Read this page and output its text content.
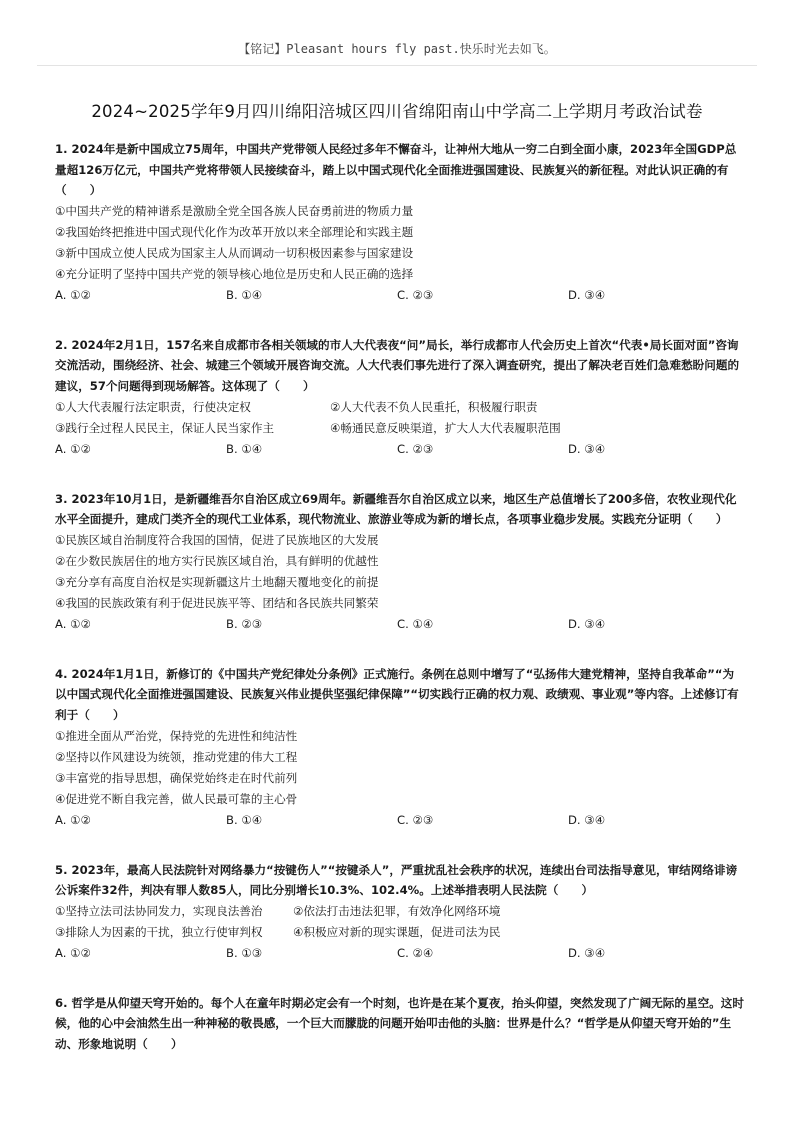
【铭记】Pleasant hours fly past.快乐时光去如飞。
2024~2025学年9月四川绵阳涪城区四川省绵阳南山中学高二上学期月考政治试卷
1. 2024年是新中国成立75周年，中国共产党带领人民经过多年不懈奋斗，让神州大地从一穷二白到全面小康，2023年全国GDP总量超126万亿元，中国共产党将带领人民接续奋斗，踏上以中国式现代化全面推进强国建设、民族复兴的新征程。对此认识正确的有（　　）
①中国共产党的精神谱系是激励全党全国各族人民奋勇前进的物质力量
②我国始终把推进中国式现代化作为改革开放以来全部理论和实践主题
③新中国成立使人民成为国家主人从而调动一切积极因素参与国家建设
④充分证明了坚持中国共产党的领导核心地位是历史和人民正确的选择
A. ①②	B. ①④	C. ②③	D. ③④
2. 2024年2月1日，157名来自成都市各相关领域的市人大代表夜“问”局长，举行成都市人代会历史上首次“代表•局长面对面”咨询交流活动，围绕经济、社会、城建三个领域开展咨询交流。人大代表们事先进行了深入调查研究，提出了解决老百姓们急难愁盼问题的建议，57个问题得到现场解答。这体现了（　　）
①人大代表履行法定职责，行使决定权	②人大代表不负人民重托，积极履行职责
③践行全过程人民民主，保证人民当家作主	④畅通民意反映渠道，扩大人大代表履职范围
A. ①②	B. ①④	C. ②③	D. ③④
3. 2023年10月1日，是新疆维吾尔自治区成立69周年。新疆维吾尔自治区成立以来，地区生产总值增长了200多倍，农牧业现代化水平全面提升，建成门类齐全的现代工业体系，现代物流业、旅游业等成为新的增长点，各项事业稳步发展。实践充分证明（　　）
①民族区域自治制度符合我国的国情，促进了民族地区的大发展
②在少数民族居住的地方实行民族区域自治，具有鲜明的优越性
③充分享有高度自治权是实现新疆这片土地翻天覆地变化的前提
④我国的民族政策有利于促进民族平等、团结和各民族共同繁荣
A. ①②	B. ②③	C. ①④	D. ③④
4. 2024年1月1日，新修订的《中国共产党纪律处分条例》正式施行。条例在总则中增写了“弘扬伟大建党精神，坚持自我革命”“为以中国式现代化全面推进强国建设、民族复兴伟业提供坚强纪律保障”“切实践行正确的权力观、政绩观、事业观”等内容。上述修订有利于（　　）
①推进全面从严治党，保持党的先进性和纯洁性
②坚持以作风建设为统领，推动党建的伟大工程
③丰富党的指导思想，确保党始终走在时代前列
④促进党不断自我完善，做人民最可靠的主心骨
A. ①②	B. ①④	C. ②③	D. ③④
5. 2023年，最高人民法院针对网络暴力“按键伤人”“按键杀人”，严重扰乱社会秩序的状况，连续出台司法指导意见，审结网络诽谤公诉案件32件，判决有罪人数85人，同比分别增长10.3%、102.4%。上述举措表明人民法院（　　）
①坚持立法司法协同发力，实现良法善治	②依法打击违法犯罪，有效净化网络环境
③排除人为因素的干扰，独立行使审判权	④积极应对新的现实课题，促进司法为民
A. ①②	B. ①③	C. ②④	D. ③④
6. 哲学是从仰望天穹开始的。每个人在童年时期必定会有一个时刻，也许是在某个夏夜，抬头仰望，突然发现了广阔无际的星空。这时候，他的心中会油然生出一种神秘的敬畏感，一个巨大而朦胧的问题开始叩击他的头脑：世界是什么？“哲学是从仰望天穹开始的”生动、形象地说明（　　）
